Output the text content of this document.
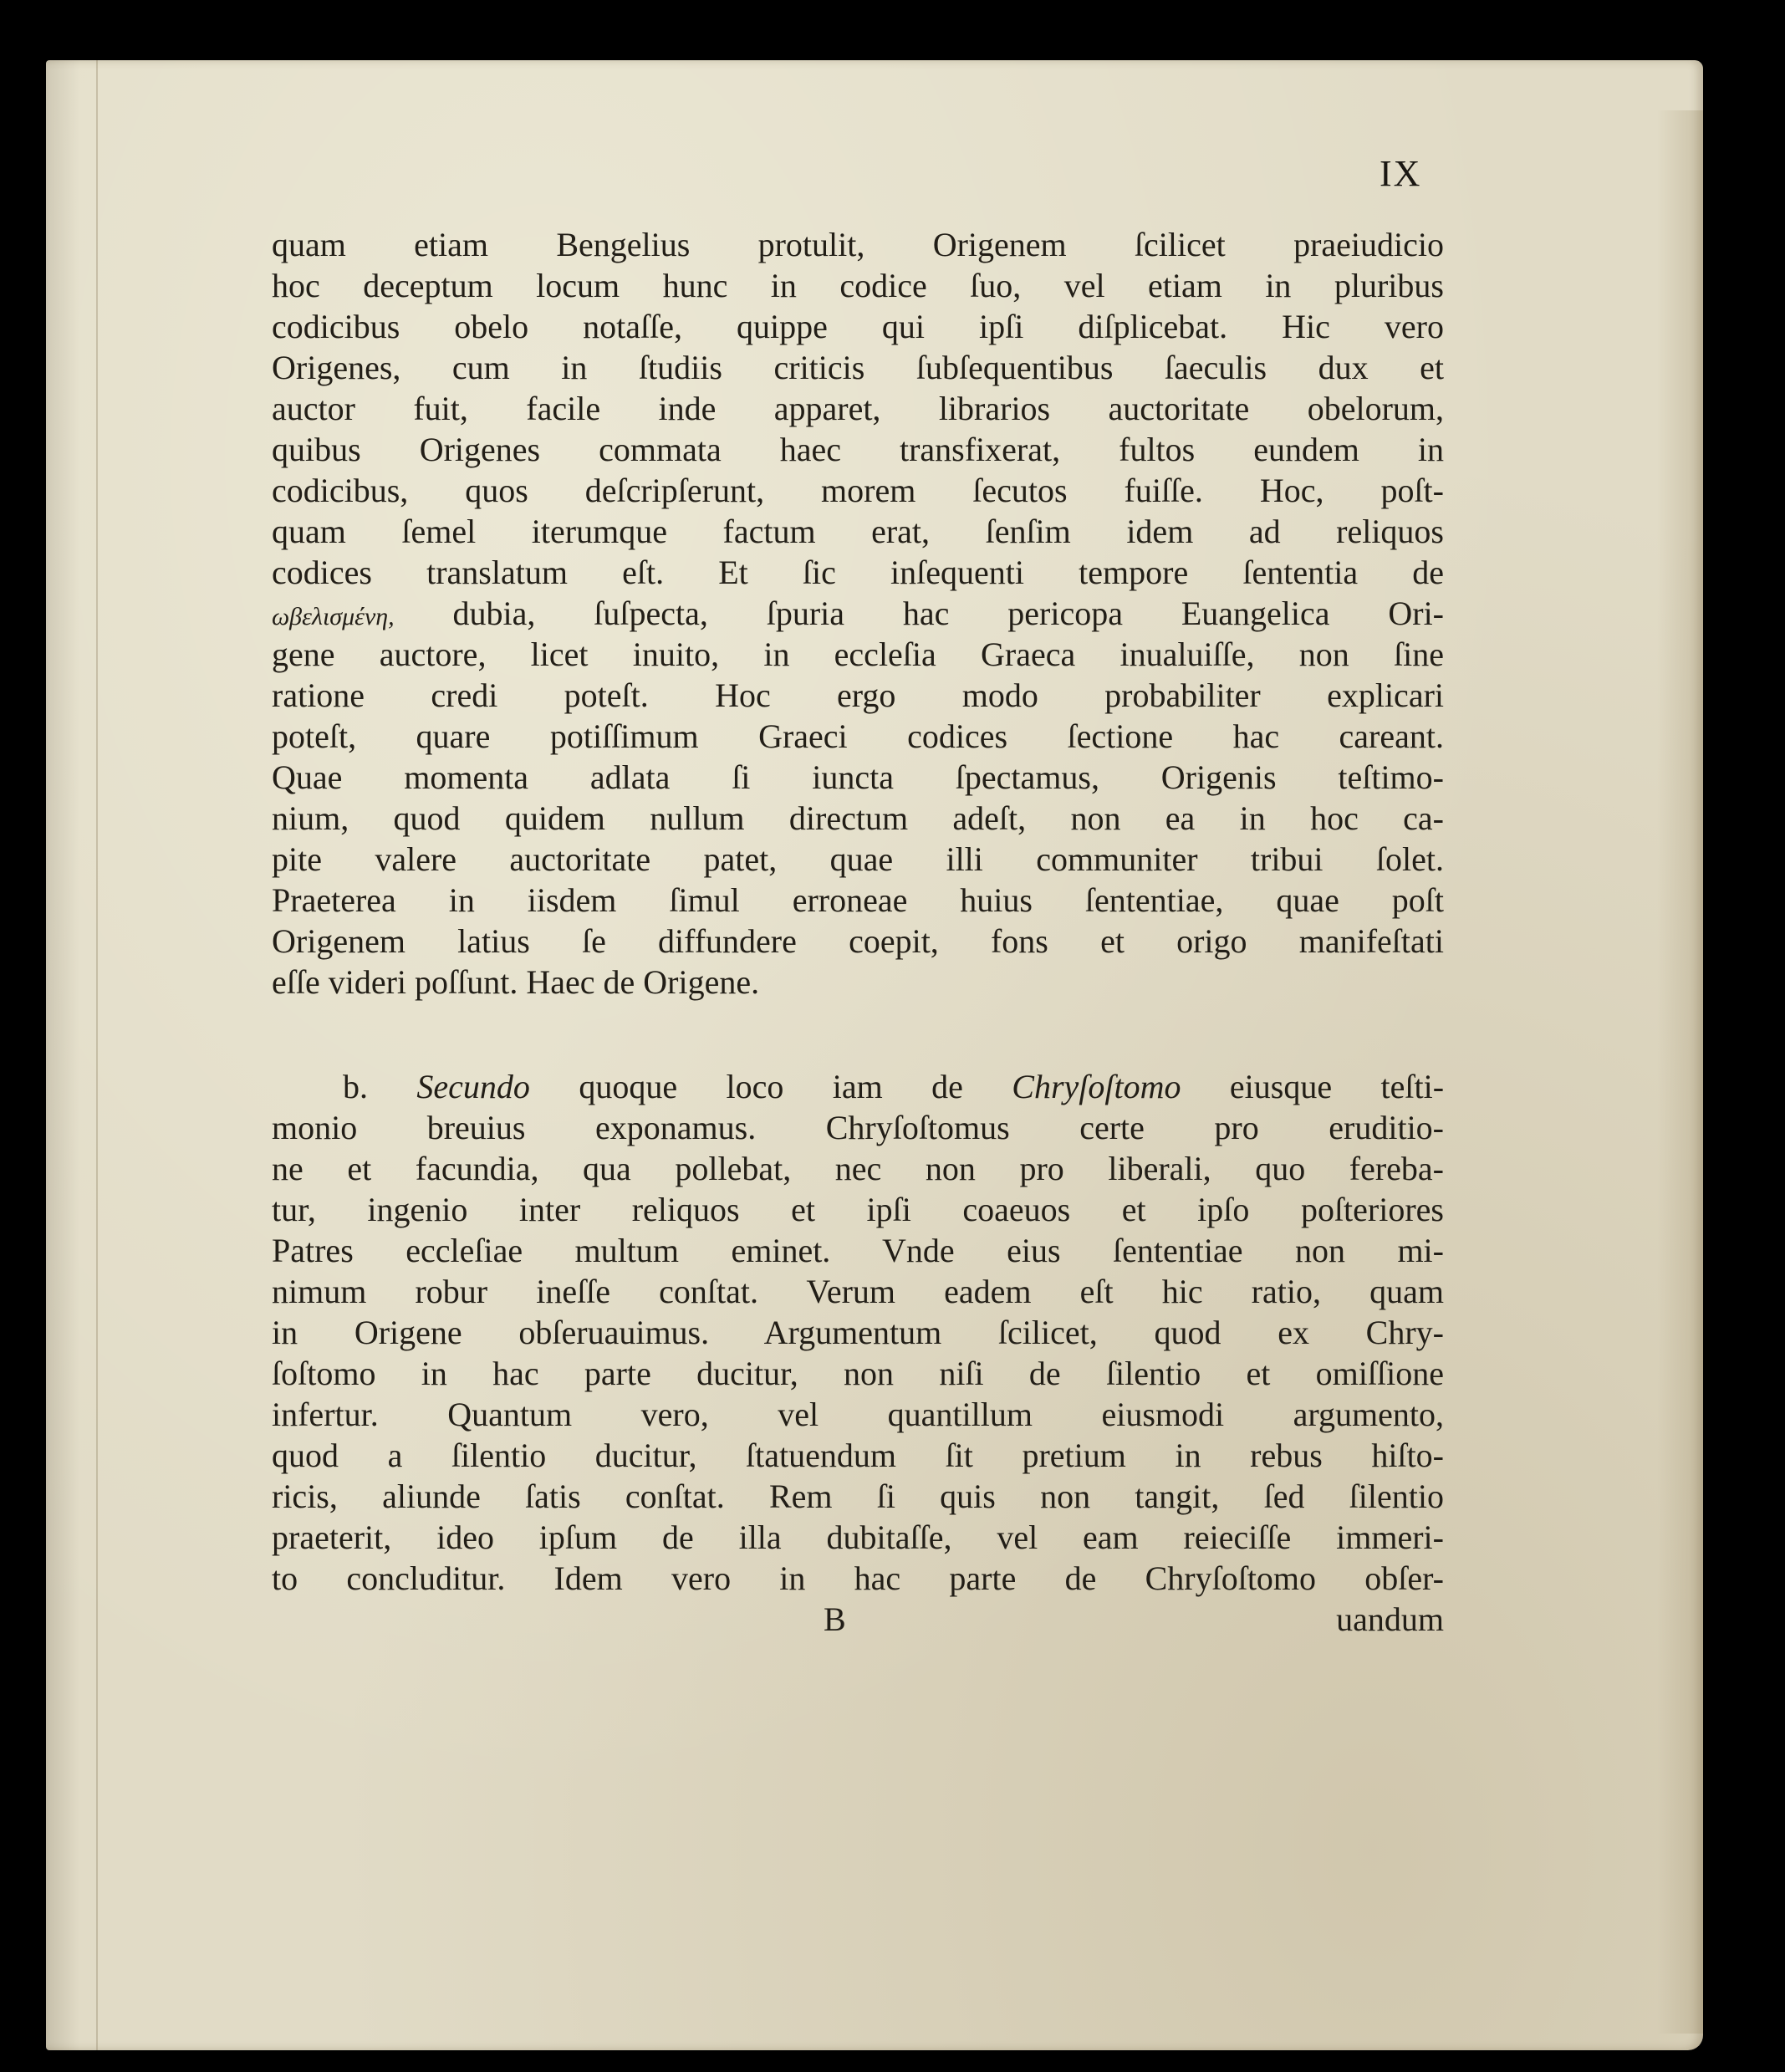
IX
quam etiam Bengelius protulit, Origenem ſcilicet praeiudicio
hoc deceptum locum hunc in codice ſuo, vel etiam in pluribus
codicibus obelo notaſſe, quippe qui ipſi diſplicebat. Hic vero
Origenes, cum in ſtudiis criticis ſubſequentibus ſaeculis dux et
auctor fuit, facile inde apparet, librarios auctoritate obelorum,
quibus Origenes commata haec transfixerat, fultos eundem in
codicibus, quos deſcripſerunt, morem ſecutos fuiſſe. Hoc, poſt-
quam ſemel iterumque factum erat, ſenſim idem ad reliquos
codices translatum eſt. Et ſic inſequenti tempore ſententia de
ωβελισμένη, dubia, ſuſpecta, ſpuria hac pericopa Euangelica Ori-
gene auctore, licet inuito, in eccleſia Graeca inualuiſſe, non ſine
ratione credi poteſt. Hoc ergo modo probabiliter explicari
poteſt, quare potiſſimum Graeci codices ſectione hac careant.
Quae momenta adlata ſi iuncta ſpectamus, Origenis teſtimo-
nium, quod quidem nullum directum adeſt, non ea in hoc ca-
pite valere auctoritate patet, quae illi communiter tribui ſolet.
Praeterea in iisdem ſimul erroneae huius ſententiae, quae poſt
Origenem latius ſe diffundere coepit, fons et origo manifeſtati
eſſe videri poſſunt. Haec de Origene.
b. Secundo quoque loco iam de Chryſoſtomo eiusque teſti-
monio breuius exponamus. Chryſoſtomus certe pro eruditio-
ne et facundia, qua pollebat, nec non pro liberali, quo fereba-
tur, ingenio inter reliquos et ipſi coaeuos et ipſo poſteriores
Patres eccleſiae multum eminet. Vnde eius ſententiae non mi-
nimum robur ineſſe conſtat. Verum eadem eſt hic ratio, quam
in Origene obſeruauimus. Argumentum ſcilicet, quod ex Chry-
ſoſtomo in hac parte ducitur, non niſi de ſilentio et omiſſione
infertur. Quantum vero, vel quantillum eiusmodi argumento,
quod a ſilentio ducitur, ſtatuendum ſit pretium in rebus hiſto-
ricis, aliunde ſatis conſtat. Rem ſi quis non tangit, ſed ſilentio
praeterit, ideo ipſum de illa dubitaſſe, vel eam reieciſſe immeri-
to concluditur. Idem vero in hac parte de Chryſoſtomo obſer-
B	uandum
